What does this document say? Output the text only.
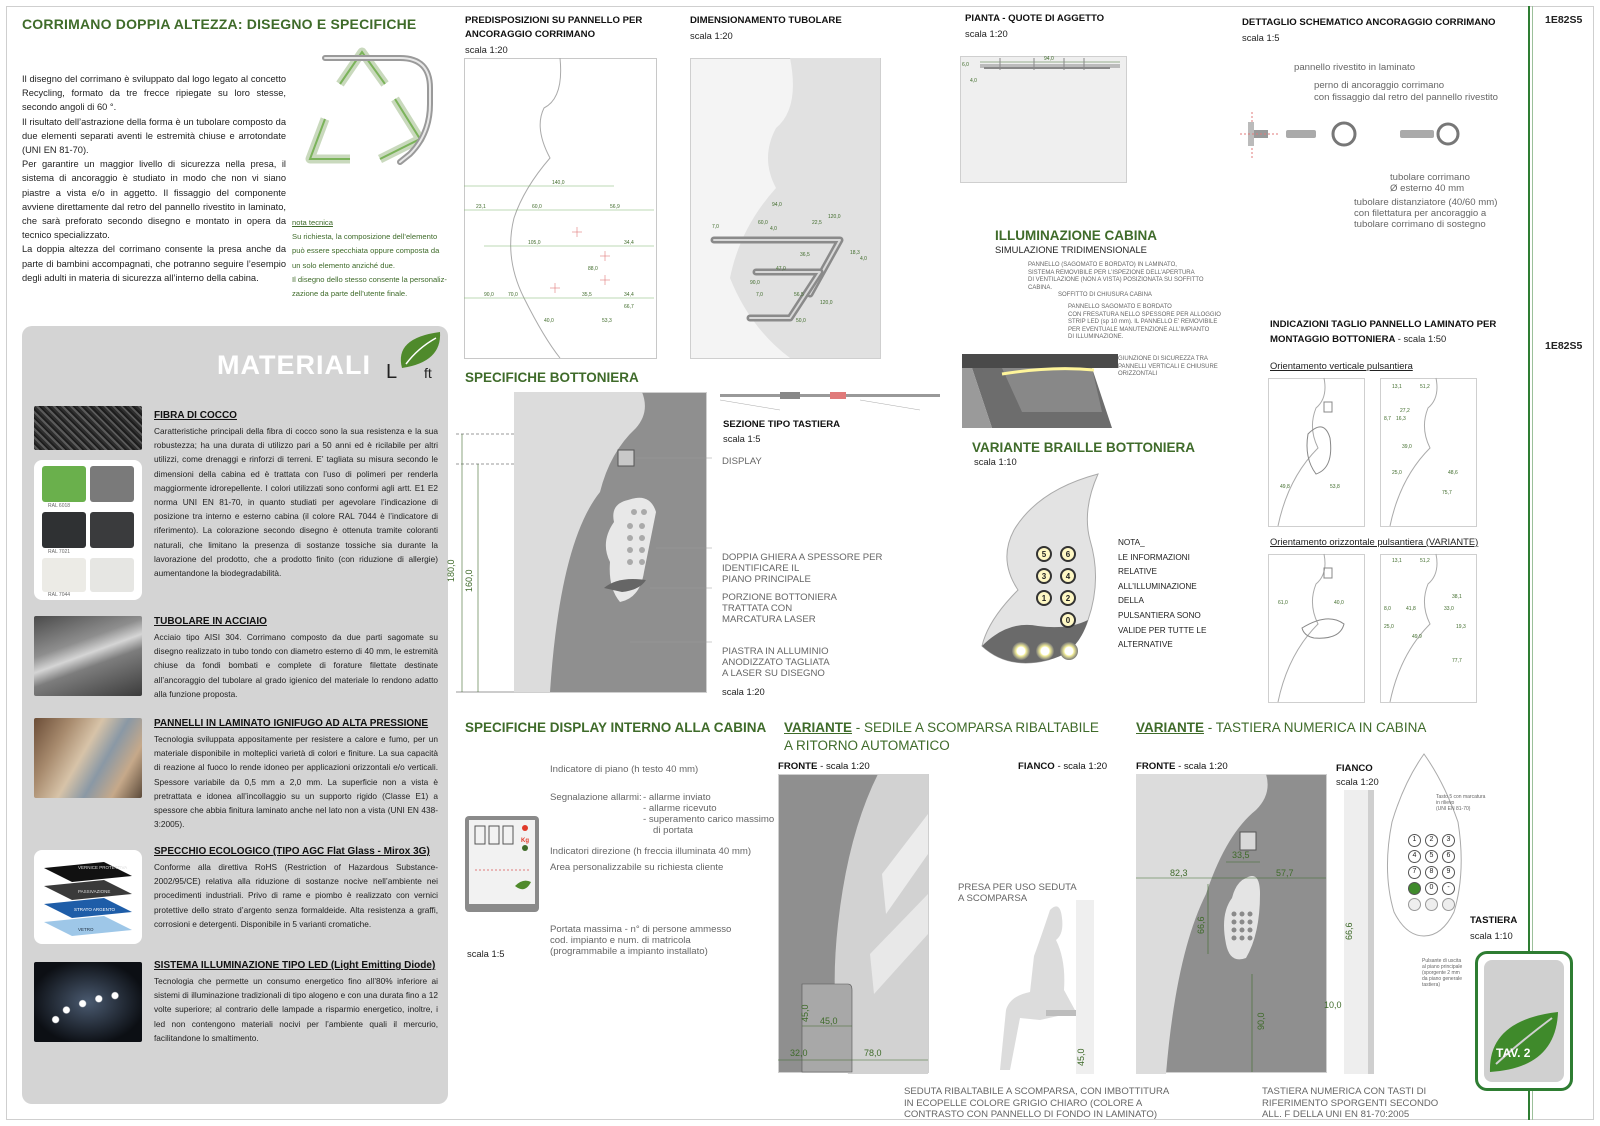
CORRIMANO DOPPIA ALTEZZA: DISEGNO E SPECIFICHE

Il disegno del corrimano è sviluppato dal logo legato al concetto Recycling, formato da tre frecce ripiegate su loro stesse, secondo angoli di 60 °.

Il risultato dell’astrazione della forma è un tubolare composto da due elementi separati aventi le estremità chiuse e arrotondate (UNI EN 81-70).

Per garantire un maggior livello di sicurezza nella presa, il sistema di ancoraggio è studiato in modo che non vi siano piastre a vista e/o in aggetto. Il fissaggio del componente avviene direttamente dal retro del pannello rivestito in laminato, che sarà preforato secondo disegno e montato in opera da tecnico specializzato.

La doppia altezza del corrimano consente la presa anche da parte di bambini accompagnati, che potranno seguire l’esempio degli adulti in materia di sicurezza all’interno della cabina.

nota tecnica
Su richiesta, la composizione dell’elemento
può essere specchiata oppure composta da
un solo elemento anziché due.
Il disegno dello stesso consente la personaliz-
zazione da parte dell’utente finale.
MATERIALI L ft
RAL 6018
RAL 7021
RAL 7044
FIBRA DI COCCO
Caratteristiche principali della fibra di cocco sono la sua resistenza e la sua robustezza; ha una durata di utilizzo pari a 50 anni ed è ricilabile per altri utilizzi, come drenaggi e rinforzi di terreni. E’ tagliata su misura secondo le dimensioni della cabina ed è trattata con l’uso di polimeri per renderla maggiormente idrorepellente. I colori utilizzati sono conformi agli artt. E1 E2 norma UNI EN 81-70, in quanto studiati per agevolare l’indicazione di posizione tra interno e esterno cabina (il colore RAL 7044 è l’indicatore di riferimento). La colorazione secondo disegno è ottenuta tramite coloranti naturali, che limitano la presenza di sostanze tossiche sia durante la lavorazione del prodotto, che a prodotto finito (con riduzione di allergie) aumentandone la biodegradabilità.
TUBOLARE IN ACCIAIO
Acciaio tipo AISI 304. Corrimano composto da due parti sagomate su disegno realizzato in tubo tondo con diametro esterno di 40 mm, le estremità chiuse da fondi bombati e complete di forature filettate destinate all’ancoraggio del tubolare al grado igienico del materiale lo rendono adatto alla funzione proposta.
PANNELLI IN LAMINATO IGNIFUGO AD ALTA PRESSIONE
Tecnologia sviluppata appositamente per resistere a calore e fumo, per un materiale disponibile in molteplici varietà di colori e finiture. La sua capacità di reazione al fuoco lo rende idoneo per applicazioni orizzontali e/o verticali. Spessore variabile da 0,5 mm a 2,0 mm. La superficie non a vista è pretrattata e idonea all’incollaggio su un supporto rigido (Classe E1) a spessore che abbia finitura laminato anche nel lato non a vista (UNI EN 438-3:2005).
VERNICE PROTETTIVA
PASSIVAZIONE
STRATO ARGENTO
VETRO
SPECCHIO ECOLOGICO (TIPO AGC Flat Glass - Mirox 3G)
Conforme alla direttiva RoHS (Restriction of Hazardous Substance-2002/95/CE) relativa alla riduzione di sostanze nocive nell’ambiente nei procedimenti industriali. Privo di rame e piombo è realizzato con vernici protettive dello strato d’argento senza formaldeide. Alta resistenza a graffi, corrosioni e detergenti. Disponibile in 5 varianti cromatiche.
SISTEMA ILLUMINAZIONE TIPO LED (Light Emitting Diode)
Tecnologia che permette un consumo energetico fino all’80% inferiore ai sistemi di illuminazione tradizionali di tipo alogeno e con una durata fino a 12 volte superiore; al contrario delle lampade a risparmio energetico, inoltre, i led non contengono materiali nocivi per l’ambiente quali il mercurio, facilitandone lo smaltimento.
PREDISPOSIZIONI SU PANNELLO PER ANCORAGGIO CORRIMANO
scala 1:20
140,0
23,1	60,0	56,9
105,0	34,4
88,0
90,0	70,0	35,5	34,4
40,0	53,3
66,7
DIMENSIONAMENTO TUBOLARE
scala 1:20
94,0
7,0
60,0	22,5
120,0
4,0
18,3
36,5
47,0
90,0
4,0
56,5
120,0
7,0
50,0
PIANTA - QUOTE DI AGGETTO
scala 1:20
94,0
6,0
4,0
DETTAGLIO SCHEMATICO ANCORAGGIO CORRIMANO
scala 1:5
pannello rivestito in laminato
perno di ancoraggio corrimano
con fissaggio dal retro del pannello rivestito
tubolare corrimano
Ø esterno 40 mm
tubolare distanziatore (40/60 mm)
con filettatura per ancoraggio a
tubolare corrimano di sostegno
ILLUMINAZIONE CABINA
SIMULAZIONE TRIDIMENSIONALE
PANNELLO (SAGOMATO E BORDATO) IN LAMINATO,
SISTEMA REMOVIBILE PER L’ISPEZIONE DELL’APERTURA
DI VENTILAZIONE (NON A VISTA) POSIZIONATA SU SOFFITTO CABINA.
SOFFITTO DI CHIUSURA CABINA
PANNELLO SAGOMATO E BORDATO
CON FRESATURA NELLO SPESSORE PER ALLOGGIO
STRIP LED (sp 10 mm). IL PANNELLO E’ REMOVIBILE
PER EVENTUALE MANUTENZIONE ALL’IMPIANTO
DI ILLUMINAZIONE.
GIUNZIONE DI SICUREZZA TRA
PANNELLI VERTICALI E CHIUSURE
ORIZZONTALI
INDICAZIONI TAGLIO PANNELLO LAMINATO PER
MONTAGGIO BOTTONIERA - scala 1:50
Orientamento verticale pulsantiera
13,1	51,2
27,2
8,7 16,3
39,0
25,0
49,8	53,8
48,6
75,7
Orientamento orizzontale pulsantiera (VARIANTE)
13,1	51,2
61,0	40,0
8,0	41,8	33,0
49,9
38,1
25,0	19,3
77,7
SPECIFICHE BOTTONIERA
SEZIONE TIPO TASTIERA
scala 1:5
180,0 160,0
DISPLAY
DOPPIA GHIERA A SPESSORE PER
IDENTIFICARE IL
PIANO PRINCIPALE
PORZIONE BOTTONIERA
TRATTATA CON
MARCATURA LASER
PIASTRA IN ALLUMINIO
ANODIZZATO TAGLIATA
A LASER SU DISEGNO
scala 1:20
VARIANTE BRAILLE BOTTONIERA
scala 1:10
5	6
3	4
1	2
0
NOTA_
LE INFORMAZIONI
RELATIVE
ALL’ILLUMINAZIONE
DELLA
PULSANTIERA SONO
VALIDE PER TUTTE LE
ALTERNATIVE
SPECIFICHE DISPLAY INTERNO ALLA CABINA
Kg
Indicatore di piano (h testo 40 mm)
Segnalazione allarmi: - allarme inviato
- allarme ricevuto
- superamento carico massimo
di portata
Indicatori direzione (h freccia illuminata 40 mm)
Area personalizzabile su richiesta cliente
Portata massima - n° di persone ammesso
cod. impianto e num. di matricola
(programmabile a impianto installato)
scala 1:5
VARIANTE - SEDILE A SCOMPARSA RIBALTABILE
A RITORNO AUTOMATICO
FRONTE - scala 1:20	FIANCO - scala 1:20
45,0 45,0
32,0	78,0
PRESA PER USO SEDUTA
A SCOMPARSA
45,0
SEDUTA RIBALTABILE A SCOMPARSA, CON IMBOTTITURA
IN ECOPELLE COLORE GRIGIO CHIARO (COLORE A
CONTRASTO CON PANNELLO DI FONDO IN LAMINATO)
VARIANTE - TASTIERA NUMERICA IN CABINA
FRONTE - scala 1:20	FIANCO
scala 1:20
33,5
82,3	57,7
66,6
90,0
66,6
10,0
1	2	3
4	5	6
7	8	9
0	-
Tasto 5 con marcatura
in rilievo
(UNI EN 81-70)
Pulsante di uscita
al piano principale
(sporgente 2 mm
da piano generale
tastiera)
TASTIERA
scala 1:10
TASTIERA NUMERICA CON TASTI DI
RIFERIMENTO SPORGENTI SECONDO
ALL. F DELLA UNI EN 81-70:2005
1E82S5
1E82S5
TAV. 2
